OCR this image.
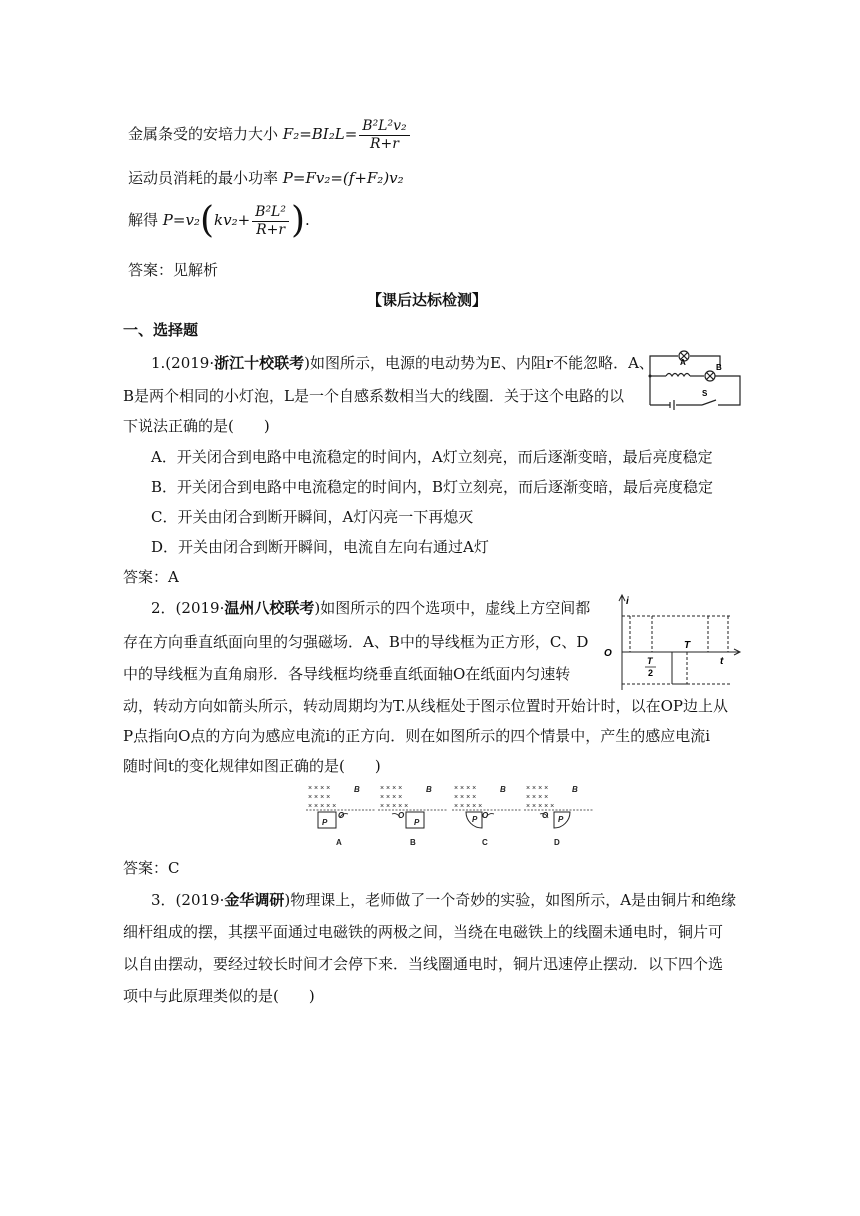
金属条受的安培力大小 $F_2=BI_2L= \frac{\text{B²L²v₂}}{R+r}$
运动员消耗的最小功率 P=Fv₂=(f+F₂)v₂
解得 $P=v_2(kv_2+ \frac{\text{B²L²}}{R+r}$ ).
答案：见解析
【课后达标检测】
一、选择题
1.(2019·浙江十校联考)如图所示，电源的电动势为E、内阻r不能忽略．A、
B是两个相同的小灯泡，L是一个自感系数相当大的线圈．关于这个电路的以
下说法正确的是(　　)
A
B
S
A．开关闭合到电路中电流稳定的时间内，A灯立刻亮，而后逐渐变暗，最后亮度稳定
B．开关闭合到电路中电流稳定的时间内，B灯立刻亮，而后逐渐变暗，最后亮度稳定
C．开关由闭合到断开瞬间，A灯闪亮一下再熄灭
D．开关由闭合到断开瞬间，电流自左向右通过A灯
答案：A
2．(2019·温州八校联考)如图所示的四个选项中，虚线上方空间都
存在方向垂直纸面向里的匀强磁场．A、B中的导线框为正方形，C、D
中的导线框为直角扇形．各导线框均绕垂直纸面轴O在纸面内匀速转
动，转动方向如箭头所示，转动周期均为T.从线框处于图示位置时开始计时，以在OP边上从
P点指向O点的方向为感应电流i的正方向．则在如图所示的四个情景中，产生的感应电流i
随时间t的变化规律如图正确的是(　　)
i
t
O
T
2
T
× × × ×
× × × ×
× × × × ×
× × × ×
× × × ×
× × × × ×
× × × ×
× × × ×
× × × × ×
× × × ×
× × × ×
× × × × ×
B
O
P
B
O
P
B
O
P
B
O P
A	B	C	D
答案：C
3．(2019·金华调研)物理课上，老师做了一个奇妙的实验，如图所示，A是由铜片和绝缘
细杆组成的摆，其摆平面通过电磁铁的两极之间，当绕在电磁铁上的线圈未通电时，铜片可
以自由摆动，要经过较长时间才会停下来．当线圈通电时，铜片迅速停止摆动．以下四个选
项中与此原理类似的是(　　)
